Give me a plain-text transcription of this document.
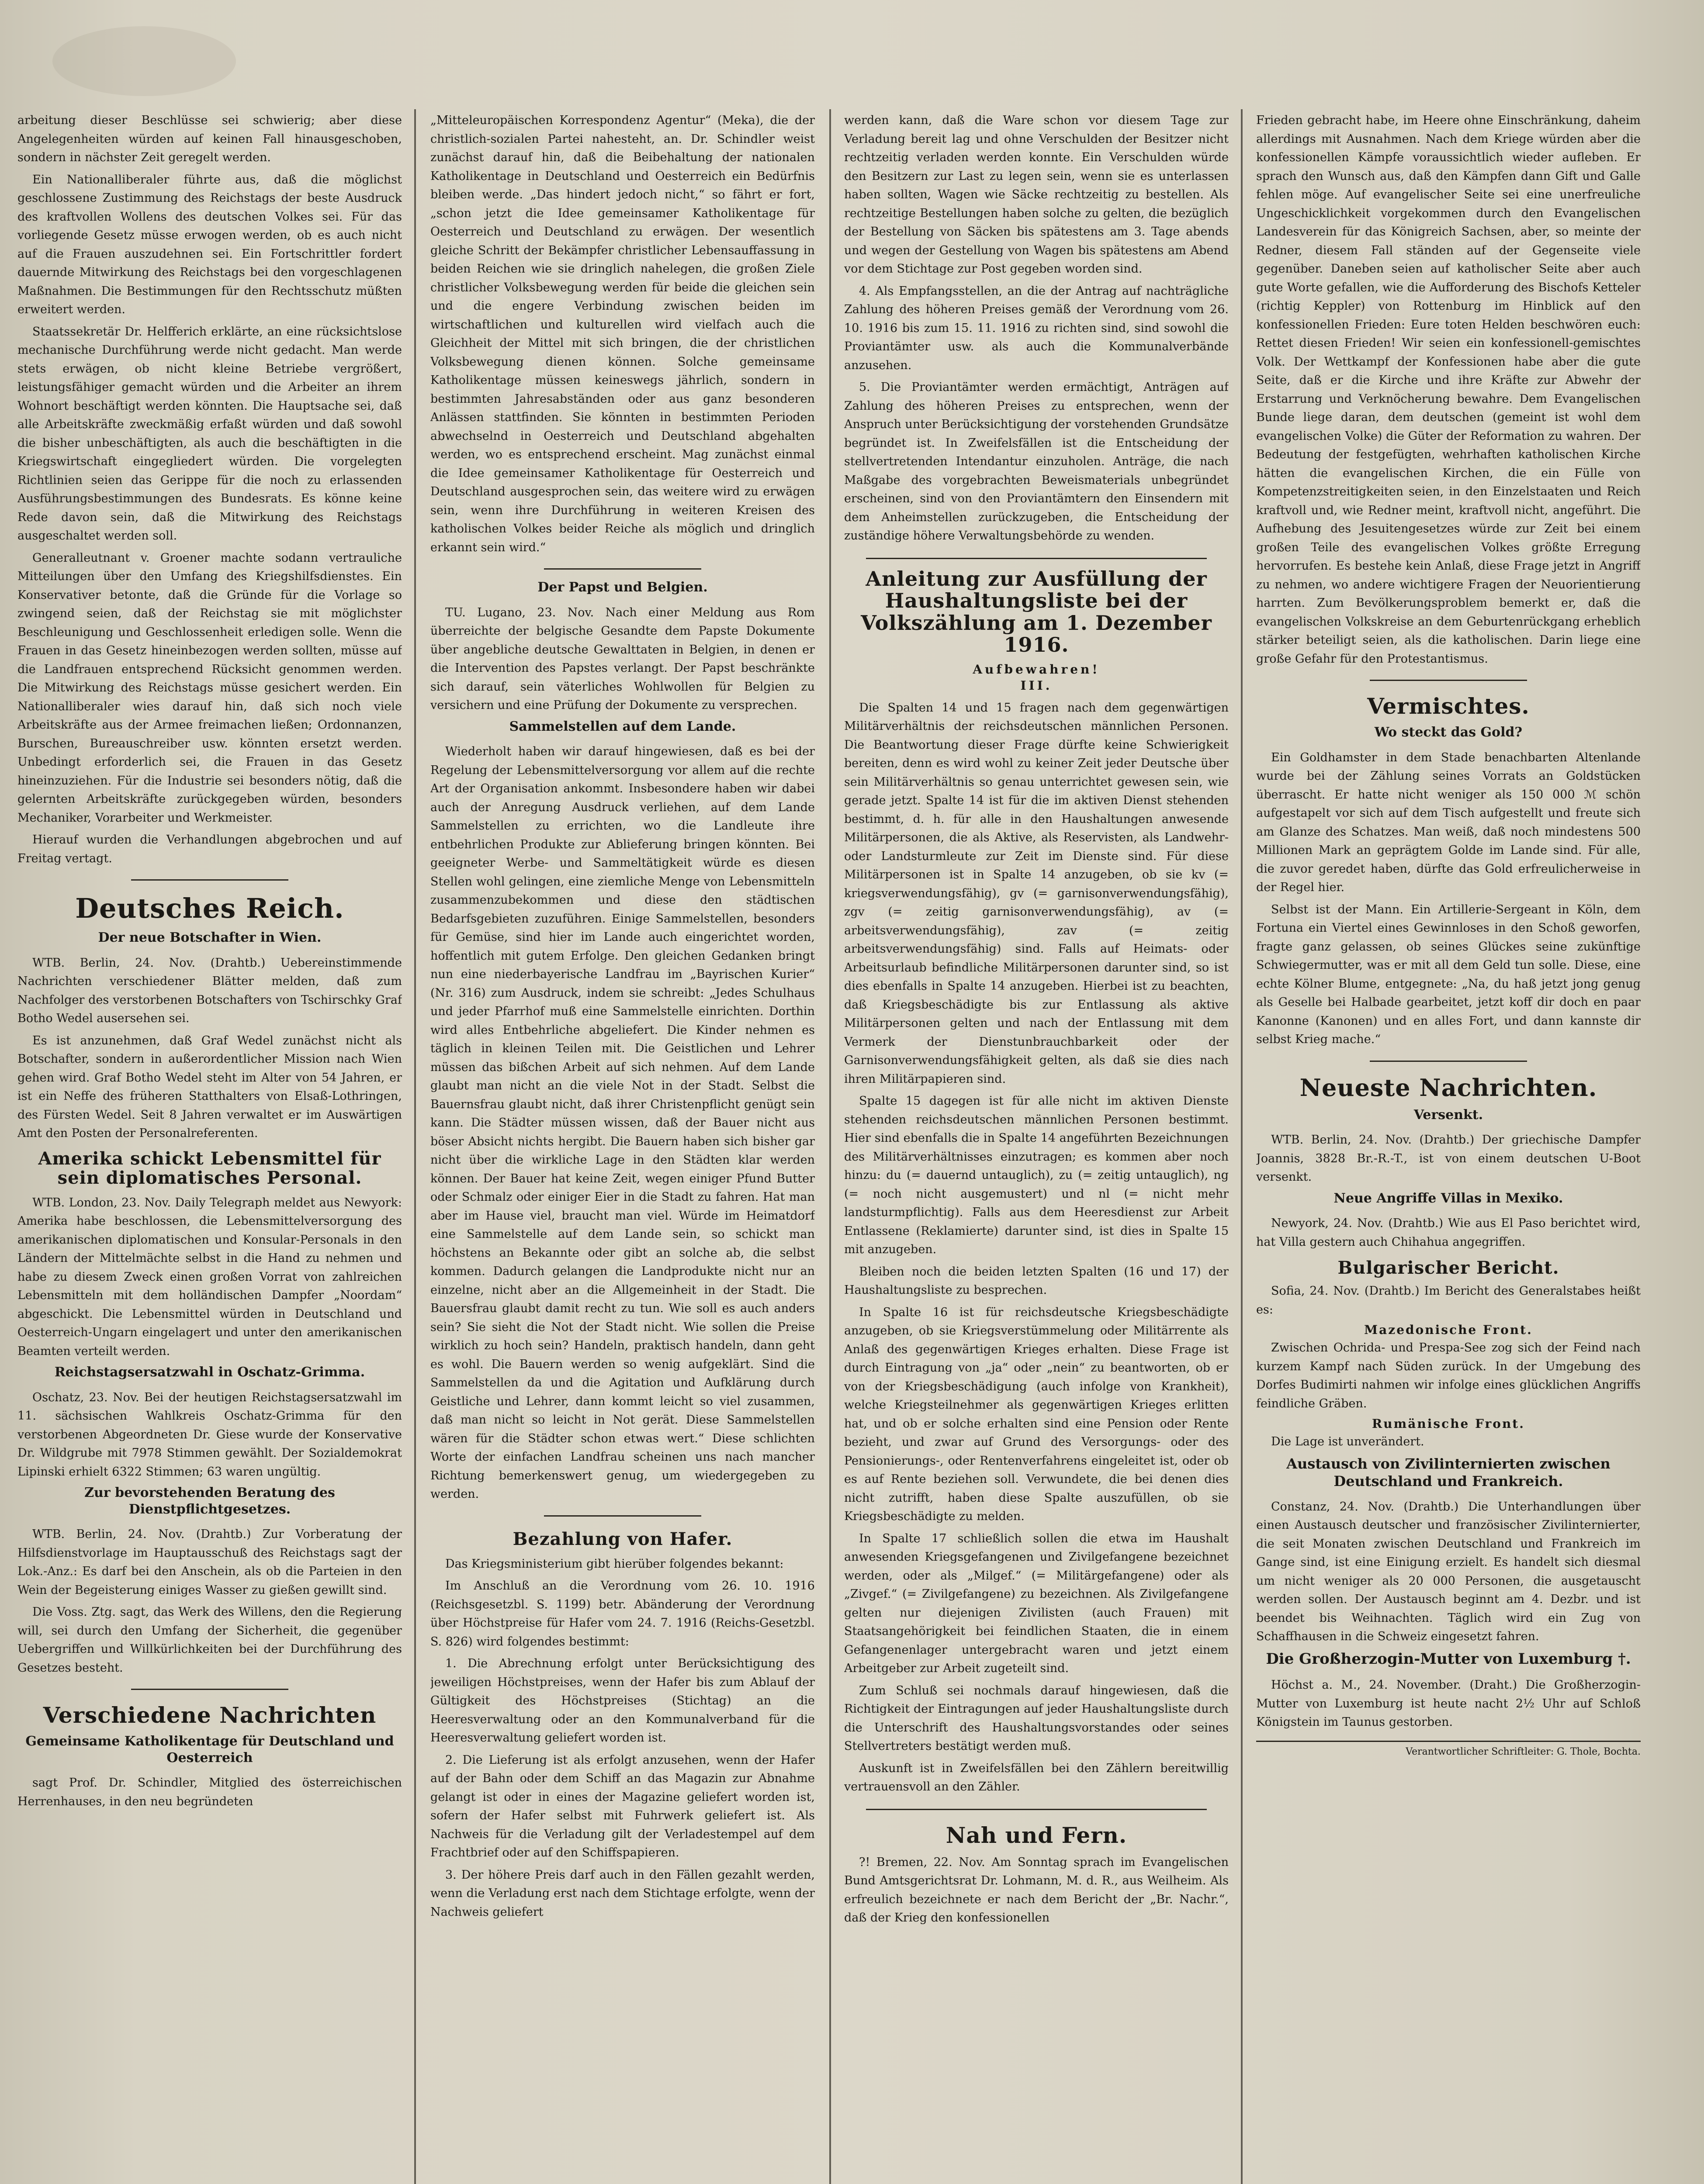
arbeitung dieser Beschlüsse sei schwierig; aber diese Angelegenheiten würden auf keinen Fall hinausgeschoben, sondern in nächster Zeit geregelt werden.

Ein Nationalliberaler führte aus, daß die möglichst geschlossene Zustimmung des Reichstags der beste Ausdruck des kraftvollen Wollens des deutschen Volkes sei. Für das vorliegende Gesetz müsse erwogen werden, ob es auch nicht auf die Frauen auszudehnen sei. Ein Fortschrittler fordert dauernde Mitwirkung des Reichstags bei den vorgeschlagenen Maßnahmen. Die Bestimmungen für den Rechtsschutz müßten erweitert werden.

Staatssekretär Dr. Helfferich erklärte, an eine rücksichtslose mechanische Durchführung werde nicht gedacht. Man werde stets erwägen, ob nicht kleine Betriebe vergrößert, leistungsfähiger gemacht würden und die Arbeiter an ihrem Wohnort beschäftigt werden könnten. Die Hauptsache sei, daß alle Arbeitskräfte zweckmäßig erfaßt würden und daß sowohl die bisher unbeschäftigten, als auch die beschäftigten in die Kriegswirtschaft eingegliedert würden. Die vorgelegten Richtlinien seien das Gerippe für die noch zu erlassenden Ausführungsbestimmungen des Bundesrats. Es könne keine Rede davon sein, daß die Mitwirkung des Reichstags ausgeschaltet werden soll.

Generalleutnant v. Groener machte sodann vertrauliche Mitteilungen über den Umfang des Kriegshilfsdienstes. Ein Konservativer betonte, daß die Gründe für die Vorlage so zwingend seien, daß der Reichstag sie mit möglichster Beschleunigung und Geschlossenheit erledigen solle. Wenn die Frauen in das Gesetz hineinbezogen werden sollten, müsse auf die Landfrauen entsprechend Rücksicht genommen werden. Die Mitwirkung des Reichstags müsse gesichert werden. Ein Nationalliberaler wies darauf hin, daß sich noch viele Arbeitskräfte aus der Armee freimachen ließen; Ordonnanzen, Burschen, Bureauschreiber usw. könnten ersetzt werden. Unbedingt erforderlich sei, die Frauen in das Gesetz hineinzuziehen. Für die Industrie sei besonders nötig, daß die gelernten Arbeitskräfte zurückgegeben würden, besonders Mechaniker, Vorarbeiter und Werkmeister.

Hierauf wurden die Verhandlungen abgebrochen und auf Freitag vertagt.

Deutsches Reich.
Der neue Botschafter in Wien.

WTB. Berlin, 24. Nov. (Drahtb.) Uebereinstimmende Nachrichten verschiedener Blätter melden, daß zum Nachfolger des verstorbenen Botschafters von Tschirschky Graf Botho Wedel ausersehen sei.

Es ist anzunehmen, daß Graf Wedel zunächst nicht als Botschafter, sondern in außerordentlicher Mission nach Wien gehen wird. Graf Botho Wedel steht im Alter von 54 Jahren, er ist ein Neffe des früheren Statthalters von Elsaß-Lothringen, des Fürsten Wedel. Seit 8 Jahren verwaltet er im Auswärtigen Amt den Posten der Personalreferenten.

Amerika schickt Lebensmittel für sein diplomatisches Personal.

WTB. London, 23. Nov. Daily Telegraph meldet aus Newyork: Amerika habe beschlossen, die Lebensmittelversorgung des amerikanischen diplomatischen und Konsular-Personals in den Ländern der Mittelmächte selbst in die Hand zu nehmen und habe zu diesem Zweck einen großen Vorrat von zahlreichen Lebensmitteln mit dem holländischen Dampfer „Noordam“ abgeschickt. Die Lebensmittel würden in Deutschland und Oesterreich-Ungarn eingelagert und unter den amerikanischen Beamten verteilt werden.

Reichstagsersatzwahl in Oschatz-Grimma.

Oschatz, 23. Nov. Bei der heutigen Reichstagsersatzwahl im 11. sächsischen Wahlkreis Oschatz-Grimma für den verstorbenen Abgeordneten Dr. Giese wurde der Konservative Dr. Wildgrube mit 7978 Stimmen gewählt. Der Sozialdemokrat Lipinski erhielt 6322 Stimmen; 63 waren ungültig.

Zur bevorstehenden Beratung des Dienstpflichtgesetzes.

WTB. Berlin, 24. Nov. (Drahtb.) Zur Vorberatung der Hilfsdienstvorlage im Hauptausschuß des Reichstags sagt der Lok.-Anz.: Es darf bei den Anschein, als ob die Parteien in den Wein der Begeisterung einiges Wasser zu gießen gewillt sind.

Die Voss. Ztg. sagt, das Werk des Willens, den die Regierung will, sei durch den Umfang der Sicherheit, die gegenüber Uebergriffen und Willkürlichkeiten bei der Durchführung des Gesetzes besteht.

Verschiedene Nachrichten
Gemeinsame Katholikentage für Deutschland und Oesterreich

sagt Prof. Dr. Schindler, Mitglied des österreichischen Herrenhauses, in den neu begründeten

„Mitteleuropäischen Korrespondenz Agentur“ (Meka), die der christlich-sozialen Partei nahesteht, an. Dr. Schindler weist zunächst darauf hin, daß die Beibehaltung der nationalen Katholikentage in Deutschland und Oesterreich ein Bedürfnis bleiben werde. „Das hindert jedoch nicht,“ so fährt er fort, „schon jetzt die Idee gemeinsamer Katholikentage für Oesterreich und Deutschland zu erwägen. Der wesentlich gleiche Schritt der Bekämpfer christlicher Lebensauffassung in beiden Reichen wie sie dringlich nahelegen, die großen Ziele christlicher Volksbewegung werden für beide die gleichen sein und die engere Verbindung zwischen beiden im wirtschaftlichen und kulturellen wird vielfach auch die Gleichheit der Mittel mit sich bringen, die der christlichen Volksbewegung dienen können. Solche gemeinsame Katholikentage müssen keineswegs jährlich, sondern in bestimmten Jahresabständen oder aus ganz besonderen Anlässen stattfinden. Sie könnten in bestimmten Perioden abwechselnd in Oesterreich und Deutschland abgehalten werden, wo es entsprechend erscheint. Mag zunächst einmal die Idee gemeinsamer Katholikentage für Oesterreich und Deutschland ausgesprochen sein, das weitere wird zu erwägen sein, wenn ihre Durchführung in weiteren Kreisen des katholischen Volkes beider Reiche als möglich und dringlich erkannt sein wird.“

Der Papst und Belgien.

TU. Lugano, 23. Nov. Nach einer Meldung aus Rom überreichte der belgische Gesandte dem Papste Dokumente über angebliche deutsche Gewalttaten in Belgien, in denen er die Intervention des Papstes verlangt. Der Papst beschränkte sich darauf, sein väterliches Wohlwollen für Belgien zu versichern und eine Prüfung der Dokumente zu versprechen.

Sammelstellen auf dem Lande.

Wiederholt haben wir darauf hingewiesen, daß es bei der Regelung der Lebensmittelversorgung vor allem auf die rechte Art der Organisation ankommt. Insbesondere haben wir dabei auch der Anregung Ausdruck verliehen, auf dem Lande Sammelstellen zu errichten, wo die Landleute ihre entbehrlichen Produkte zur Ablieferung bringen könnten. Bei geeigneter Werbe- und Sammeltätigkeit würde es diesen Stellen wohl gelingen, eine ziemliche Menge von Lebensmitteln zusammenzubekommen und diese den städtischen Bedarfsgebieten zuzuführen. Einige Sammelstellen, besonders für Gemüse, sind hier im Lande auch eingerichtet worden, hoffentlich mit gutem Erfolge. Den gleichen Gedanken bringt nun eine niederbayerische Landfrau im „Bayrischen Kurier“ (Nr. 316) zum Ausdruck, indem sie schreibt: „Jedes Schulhaus und jeder Pfarrhof muß eine Sammelstelle einrichten. Dorthin wird alles Entbehrliche abgeliefert. Die Kinder nehmen es täglich in kleinen Teilen mit. Die Geistlichen und Lehrer müssen das bißchen Arbeit auf sich nehmen. Auf dem Lande glaubt man nicht an die viele Not in der Stadt. Selbst die Bauernsfrau glaubt nicht, daß ihrer Christenpflicht genügt sein kann. Die Städter müssen wissen, daß der Bauer nicht aus böser Absicht nichts hergibt. Die Bauern haben sich bisher gar nicht über die wirkliche Lage in den Städten klar werden können. Der Bauer hat keine Zeit, wegen einiger Pfund Butter oder Schmalz oder einiger Eier in die Stadt zu fahren. Hat man aber im Hause viel, braucht man viel. Würde im Heimatdorf eine Sammelstelle auf dem Lande sein, so schickt man höchstens an Bekannte oder gibt an solche ab, die selbst kommen. Dadurch gelangen die Landprodukte nicht nur an einzelne, nicht aber an die Allgemeinheit in der Stadt. Die Bauersfrau glaubt damit recht zu tun. Wie soll es auch anders sein? Sie sieht die Not der Stadt nicht. Wie sollen die Preise wirklich zu hoch sein? Handeln, praktisch handeln, dann geht es wohl. Die Bauern werden so wenig aufgeklärt. Sind die Sammelstellen da und die Agitation und Aufklärung durch Geistliche und Lehrer, dann kommt leicht so viel zusammen, daß man nicht so leicht in Not gerät. Diese Sammelstellen wären für die Städter schon etwas wert.“ Diese schlichten Worte der einfachen Landfrau scheinen uns nach mancher Richtung bemerkenswert genug, um wiedergegeben zu werden.

Bezahlung von Hafer.

Das Kriegsministerium gibt hierüber folgendes bekannt:

Im Anschluß an die Verordnung vom 26. 10. 1916 (Reichsgesetzbl. S. 1199) betr. Abänderung der Verordnung über Höchstpreise für Hafer vom 24. 7. 1916 (Reichs-Gesetzbl. S. 826) wird folgendes bestimmt:

1. Die Abrechnung erfolgt unter Berücksichtigung des jeweiligen Höchstpreises, wenn der Hafer bis zum Ablauf der Gültigkeit des Höchstpreises (Stichtag) an die Heeresverwaltung oder an den Kommunalverband für die Heeresverwaltung geliefert worden ist.

2. Die Lieferung ist als erfolgt anzusehen, wenn der Hafer auf der Bahn oder dem Schiff an das Magazin zur Abnahme gelangt ist oder in eines der Magazine geliefert worden ist, sofern der Hafer selbst mit Fuhrwerk geliefert ist. Als Nachweis für die Verladung gilt der Verladestempel auf dem Frachtbrief oder auf den Schiffspapieren.

3. Der höhere Preis darf auch in den Fällen gezahlt werden, wenn die Verladung erst nach dem Stichtage erfolgte, wenn der Nachweis geliefert

werden kann, daß die Ware schon vor diesem Tage zur Verladung bereit lag und ohne Verschulden der Besitzer nicht rechtzeitig verladen werden konnte. Ein Verschulden würde den Besitzern zur Last zu legen sein, wenn sie es unterlassen haben sollten, Wagen wie Säcke rechtzeitig zu bestellen. Als rechtzeitige Bestellungen haben solche zu gelten, die bezüglich der Bestellung von Säcken bis spätestens am 3. Tage abends und wegen der Gestellung von Wagen bis spätestens am Abend vor dem Stichtage zur Post gegeben worden sind.

4. Als Empfangsstellen, an die der Antrag auf nachträgliche Zahlung des höheren Preises gemäß der Verordnung vom 26. 10. 1916 bis zum 15. 11. 1916 zu richten sind, sind sowohl die Proviantämter usw. als auch die Kommunalverbände anzusehen.

5. Die Proviantämter werden ermächtigt, Anträgen auf Zahlung des höheren Preises zu entsprechen, wenn der Anspruch unter Berücksichtigung der vorstehenden Grundsätze begründet ist. In Zweifelsfällen ist die Entscheidung der stellvertretenden Intendantur einzuholen. Anträge, die nach Maßgabe des vorgebrachten Beweismaterials unbegründet erscheinen, sind von den Proviantämtern den Einsendern mit dem Anheimstellen zurückzugeben, die Entscheidung der zuständige höhere Verwaltungsbehörde zu wenden.

Anleitung zur Ausfüllung der Haushaltungsliste bei der Volkszählung am 1. Dezember 1916.
Aufbewahren!
III.

Die Spalten 14 und 15 fragen nach dem gegenwärtigen Militärverhältnis der reichsdeutschen männlichen Personen. Die Beantwortung dieser Frage dürfte keine Schwierigkeit bereiten, denn es wird wohl zu keiner Zeit jeder Deutsche über sein Militärverhältnis so genau unterrichtet gewesen sein, wie gerade jetzt. Spalte 14 ist für die im aktiven Dienst stehenden bestimmt, d. h. für alle in den Haushaltungen anwesende Militärpersonen, die als Aktive, als Reservisten, als Landwehr- oder Landsturmleute zur Zeit im Dienste sind. Für diese Militärpersonen ist in Spalte 14 anzugeben, ob sie kv (= kriegsverwendungsfähig), gv (= garnisonverwendungsfähig), zgv (= zeitig garnisonverwendungsfähig), av (= arbeitsverwendungsfähig), zav (= zeitig arbeitsverwendungsfähig) sind. Falls auf Heimats- oder Arbeitsurlaub befindliche Militärpersonen darunter sind, so ist dies ebenfalls in Spalte 14 anzugeben. Hierbei ist zu beachten, daß Kriegsbeschädigte bis zur Entlassung als aktive Militärpersonen gelten und nach der Entlassung mit dem Vermerk der Dienstunbrauchbarkeit oder der Garnisonverwendungsfähigkeit gelten, als daß sie dies nach ihren Militärpapieren sind.

Spalte 15 dagegen ist für alle nicht im aktiven Dienste stehenden reichsdeutschen männlichen Personen bestimmt. Hier sind ebenfalls die in Spalte 14 angeführten Bezeichnungen des Militärverhältnisses einzutragen; es kommen aber noch hinzu: du (= dauernd untauglich), zu (= zeitig untauglich), ng (= noch nicht ausgemustert) und nl (= nicht mehr landsturmpflichtig). Falls aus dem Heeresdienst zur Arbeit Entlassene (Reklamierte) darunter sind, ist dies in Spalte 15 mit anzugeben.

Bleiben noch die beiden letzten Spalten (16 und 17) der Haushaltungsliste zu besprechen.

In Spalte 16 ist für reichsdeutsche Kriegsbeschädigte anzugeben, ob sie Kriegsverstümmelung oder Militärrente als Anlaß des gegenwärtigen Krieges erhalten. Diese Frage ist durch Eintragung von „ja“ oder „nein“ zu beantworten, ob er von der Kriegsbeschädigung (auch infolge von Krankheit), welche Kriegsteilnehmer als gegenwärtigen Krieges erlitten hat, und ob er solche erhalten sind eine Pension oder Rente bezieht, und zwar auf Grund des Versorgungs- oder des Pensionierungs-, oder Rentenverfahrens eingeleitet ist, oder ob es auf Rente beziehen soll. Verwundete, die bei denen dies nicht zutrifft, haben diese Spalte auszufüllen, ob sie Kriegsbeschädigte zu melden.

In Spalte 17 schließlich sollen die etwa im Haushalt anwesenden Kriegsgefangenen und Zivilgefangene bezeichnet werden, oder als „Milgef.“ (= Militärgefangene) oder als „Zivgef.“ (= Zivilgefangene) zu bezeichnen. Als Zivilgefangene gelten nur diejenigen Zivilisten (auch Frauen) mit Staatsangehörigkeit bei feindlichen Staaten, die in einem Gefangenenlager untergebracht waren und jetzt einem Arbeitgeber zur Arbeit zugeteilt sind.

Zum Schluß sei nochmals darauf hingewiesen, daß die Richtigkeit der Eintragungen auf jeder Haushaltungsliste durch die Unterschrift des Haushaltungsvorstandes oder seines Stellvertreters bestätigt werden muß.

Auskunft ist in Zweifelsfällen bei den Zählern bereitwillig vertrauensvoll an den Zähler.

Nah und Fern.

?! Bremen, 22. Nov. Am Sonntag sprach im Evangelischen Bund Amtsgerichtsrat Dr. Lohmann, M. d. R., aus Weilheim. Als erfreulich bezeichnete er nach dem Bericht der „Br. Nachr.“, daß der Krieg den konfessionellen

Frieden gebracht habe, im Heere ohne Einschränkung, daheim allerdings mit Ausnahmen. Nach dem Kriege würden aber die konfessionellen Kämpfe voraussichtlich wieder aufleben. Er sprach den Wunsch aus, daß den Kämpfen dann Gift und Galle fehlen möge. Auf evangelischer Seite sei eine unerfreuliche Ungeschicklichkeit vorgekommen durch den Evangelischen Landesverein für das Königreich Sachsen, aber, so meinte der Redner, diesem Fall ständen auf der Gegenseite viele gegenüber. Daneben seien auf katholischer Seite aber auch gute Worte gefallen, wie die Aufforderung des Bischofs Ketteler (richtig Keppler) von Rottenburg im Hinblick auf den konfessionellen Frieden: Eure toten Helden beschwören euch: Rettet diesen Frieden! Wir seien ein konfessionell-gemischtes Volk. Der Wettkampf der Konfessionen habe aber die gute Seite, daß er die Kirche und ihre Kräfte zur Abwehr der Erstarrung und Verknöcherung bewahre. Dem Evangelischen Bunde liege daran, dem deutschen (gemeint ist wohl dem evangelischen Volke) die Güter der Reformation zu wahren. Der Bedeutung der festgefügten, wehrhaften katholischen Kirche hätten die evangelischen Kirchen, die ein Fülle von Kompetenzstreitigkeiten seien, in den Einzelstaaten und Reich kraftvoll und, wie Redner meint, kraftvoll nicht, angeführt. Die Aufhebung des Jesuitengesetzes würde zur Zeit bei einem großen Teile des evangelischen Volkes größte Erregung hervorrufen. Es bestehe kein Anlaß, diese Frage jetzt in Angriff zu nehmen, wo andere wichtigere Fragen der Neuorientierung harrten. Zum Bevölkerungsproblem bemerkt er, daß die evangelischen Volkskreise an dem Geburtenrückgang erheblich stärker beteiligt seien, als die katholischen. Darin liege eine große Gefahr für den Protestantismus.

Vermischtes.
Wo steckt das Gold?

Ein Goldhamster in dem Stade benachbarten Altenlande wurde bei der Zählung seines Vorrats an Goldstücken überrascht. Er hatte nicht weniger als 150 000 ℳ schön aufgestapelt vor sich auf dem Tisch aufgestellt und freute sich am Glanze des Schatzes. Man weiß, daß noch mindestens 500 Millionen Mark an geprägtem Golde im Lande sind. Für alle, die zuvor geredet haben, dürfte das Gold erfreulicherweise in der Regel hier.

Selbst ist der Mann. Ein Artillerie-Sergeant in Köln, dem Fortuna ein Viertel eines Gewinnloses in den Schoß geworfen, fragte ganz gelassen, ob seines Glückes seine zukünftige Schwiegermutter, was er mit all dem Geld tun solle. Diese, eine echte Kölner Blume, entgegnete: „Na, du haß jetzt jong genug als Geselle bei Halbade gearbeitet, jetzt koff dir doch en paar Kanonne (Kanonen) und en alles Fort, und dann kannste dir selbst Krieg mache.“

Neueste Nachrichten.
Versenkt.

WTB. Berlin, 24. Nov. (Drahtb.) Der griechische Dampfer Joannis, 3828 Br.-R.-T., ist von einem deutschen U-Boot versenkt.

Neue Angriffe Villas in Mexiko.

Newyork, 24. Nov. (Drahtb.) Wie aus El Paso berichtet wird, hat Villa gestern auch Chihahua angegriffen.

Bulgarischer Bericht.

Sofia, 24. Nov. (Drahtb.) Im Bericht des Generalstabes heißt es:

Mazedonische Front.

Zwischen Ochrida- und Prespa-See zog sich der Feind nach kurzem Kampf nach Süden zurück. In der Umgebung des Dorfes Budimirti nahmen wir infolge eines glücklichen Angriffs feindliche Gräben.

Rumänische Front.

Die Lage ist unverändert.

Austausch von Zivilinternierten zwischen Deutschland und Frankreich.

Constanz, 24. Nov. (Drahtb.) Die Unterhandlungen über einen Austausch deutscher und französischer Zivilinternierter, die seit Monaten zwischen Deutschland und Frankreich im Gange sind, ist eine Einigung erzielt. Es handelt sich diesmal um nicht weniger als 20 000 Personen, die ausgetauscht werden sollen. Der Austausch beginnt am 4. Dezbr. und ist beendet bis Weihnachten. Täglich wird ein Zug von Schaffhausen in die Schweiz eingesetzt fahren.

Die Großherzogin-Mutter von Luxemburg †.

Höchst a. M., 24. November. (Draht.) Die Großherzogin-Mutter von Luxemburg ist heute nacht 2½ Uhr auf Schloß Königstein im Taunus gestorben.

Verantwortlicher Schriftleiter: G. Thole, Bochta.
